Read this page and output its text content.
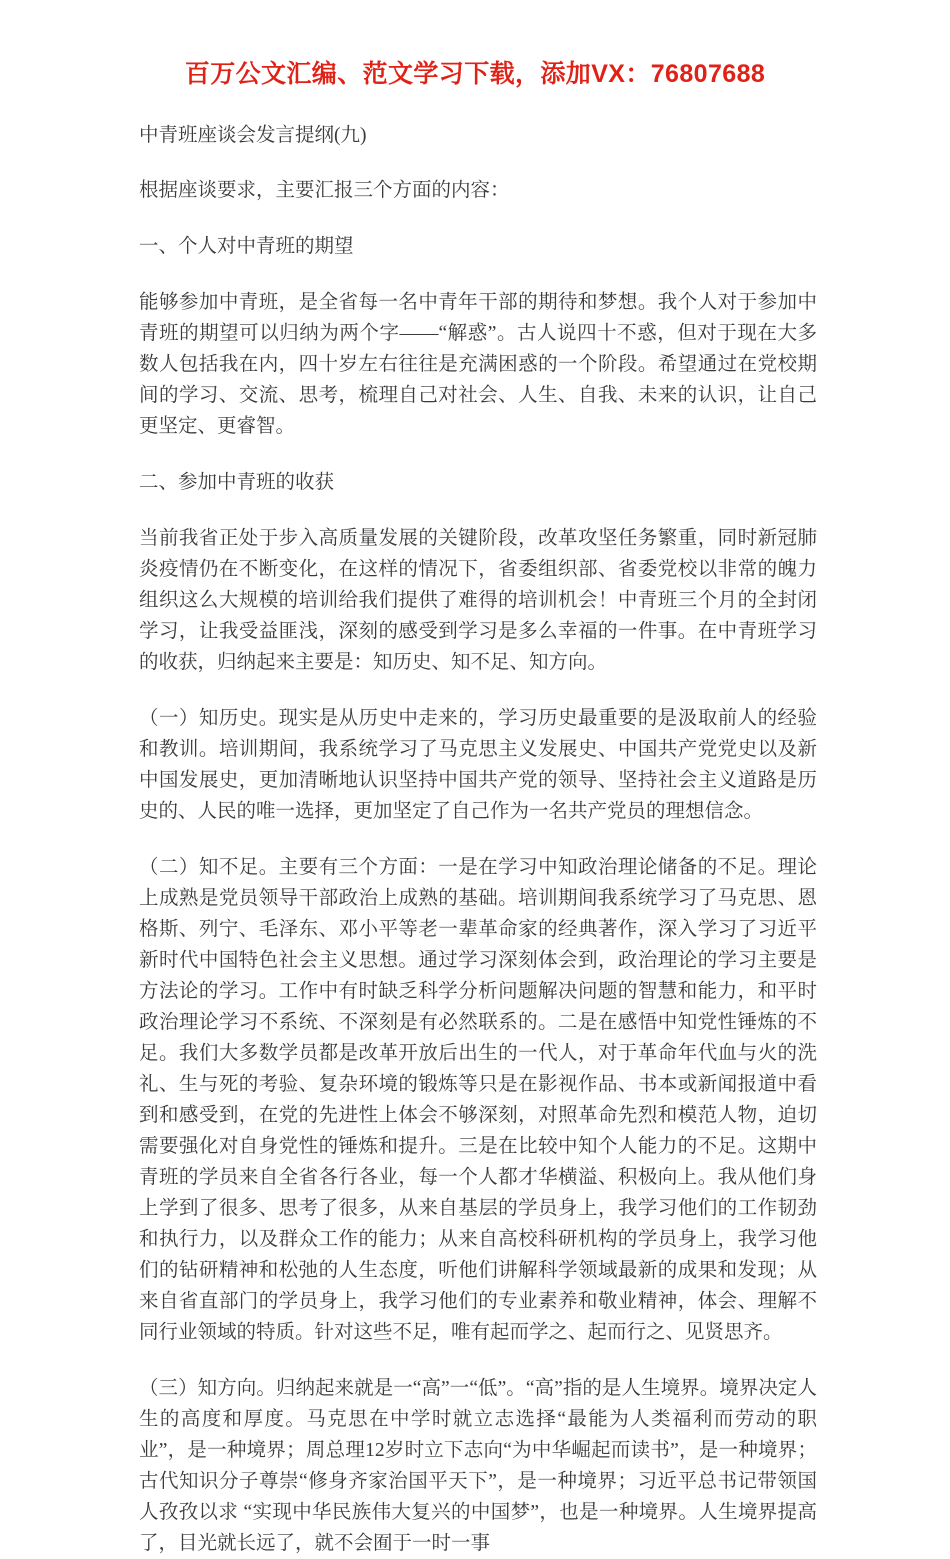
百万公文汇编、范文学习下载，添加VX：76807688

中青班座谈会发言提纲(九)

根据座谈要求，主要汇报三个方面的内容：

一、个人对中青班的期望

能够参加中青班，是全省每一名中青年干部的期待和梦想。我个人对于参加中青班的期望可以归纳为两个字——“解惑”。古人说四十不惑，但对于现在大多数人包括我在内，四十岁左右往往是充满困惑的一个阶段。希望通过在党校期间的学习、交流、思考，梳理自己对社会、人生、自我、未来的认识，让自己更坚定、更睿智。

二、参加中青班的收获

当前我省正处于步入高质量发展的关键阶段，改革攻坚任务繁重，同时新冠肺炎疫情仍在不断变化，在这样的情况下，省委组织部、省委党校以非常的魄力组织这么大规模的培训给我们提供了难得的培训机会！中青班三个月的全封闭学习，让我受益匪浅，深刻的感受到学习是多么幸福的一件事。在中青班学习的收获，归纳起来主要是：知历史、知不足、知方向。

（一）知历史。现实是从历史中走来的，学习历史最重要的是汲取前人的经验和教训。培训期间，我系统学习了马克思主义发展史、中国共产党党史以及新中国发展史，更加清晰地认识坚持中国共产党的领导、坚持社会主义道路是历史的、人民的唯一选择，更加坚定了自己作为一名共产党员的理想信念。

（二）知不足。主要有三个方面：一是在学习中知政治理论储备的不足。理论上成熟是党员领导干部政治上成熟的基础。培训期间我系统学习了马克思、恩格斯、列宁、毛泽东、邓小平等老一辈革命家的经典著作，深入学习了习近平新时代中国特色社会主义思想。通过学习深刻体会到，政治理论的学习主要是方法论的学习。工作中有时缺乏科学分析问题解决问题的智慧和能力，和平时政治理论学习不系统、不深刻是有必然联系的。二是在感悟中知党性锤炼的不足。我们大多数学员都是改革开放后出生的一代人，对于革命年代血与火的洗礼、生与死的考验、复杂环境的锻炼等只是在影视作品、书本或新闻报道中看到和感受到，在党的先进性上体会不够深刻，对照革命先烈和模范人物，迫切需要强化对自身党性的锤炼和提升。三是在比较中知个人能力的不足。这期中青班的学员来自全省各行各业，每一个人都才华横溢、积极向上。我从他们身上学到了很多、思考了很多，从来自基层的学员身上，我学习他们的工作韧劲和执行力，以及群众工作的能力；从来自高校科研机构的学员身上，我学习他们的钻研精神和松弛的人生态度，听他们讲解科学领域最新的成果和发现；从来自省直部门的学员身上，我学习他们的专业素养和敬业精神，体会、理解不同行业领域的特质。针对这些不足，唯有起而学之、起而行之、见贤思齐。

（三）知方向。归纳起来就是一“高”一“低”。“高”指的是人生境界。境界决定人生的高度和厚度。马克思在中学时就立志选择“最能为人类福利而劳动的职业”，是一种境界；周总理12岁时立下志向“为中华崛起而读书”，是一种境界；古代知识分子尊崇“修身齐家治国平天下”，是一种境界；习近平总书记带领国人孜孜以求 “实现中华民族伟大复兴的中国梦”，也是一种境界。人生境界提高了，目光就长远了，就不会囿于一时一事
